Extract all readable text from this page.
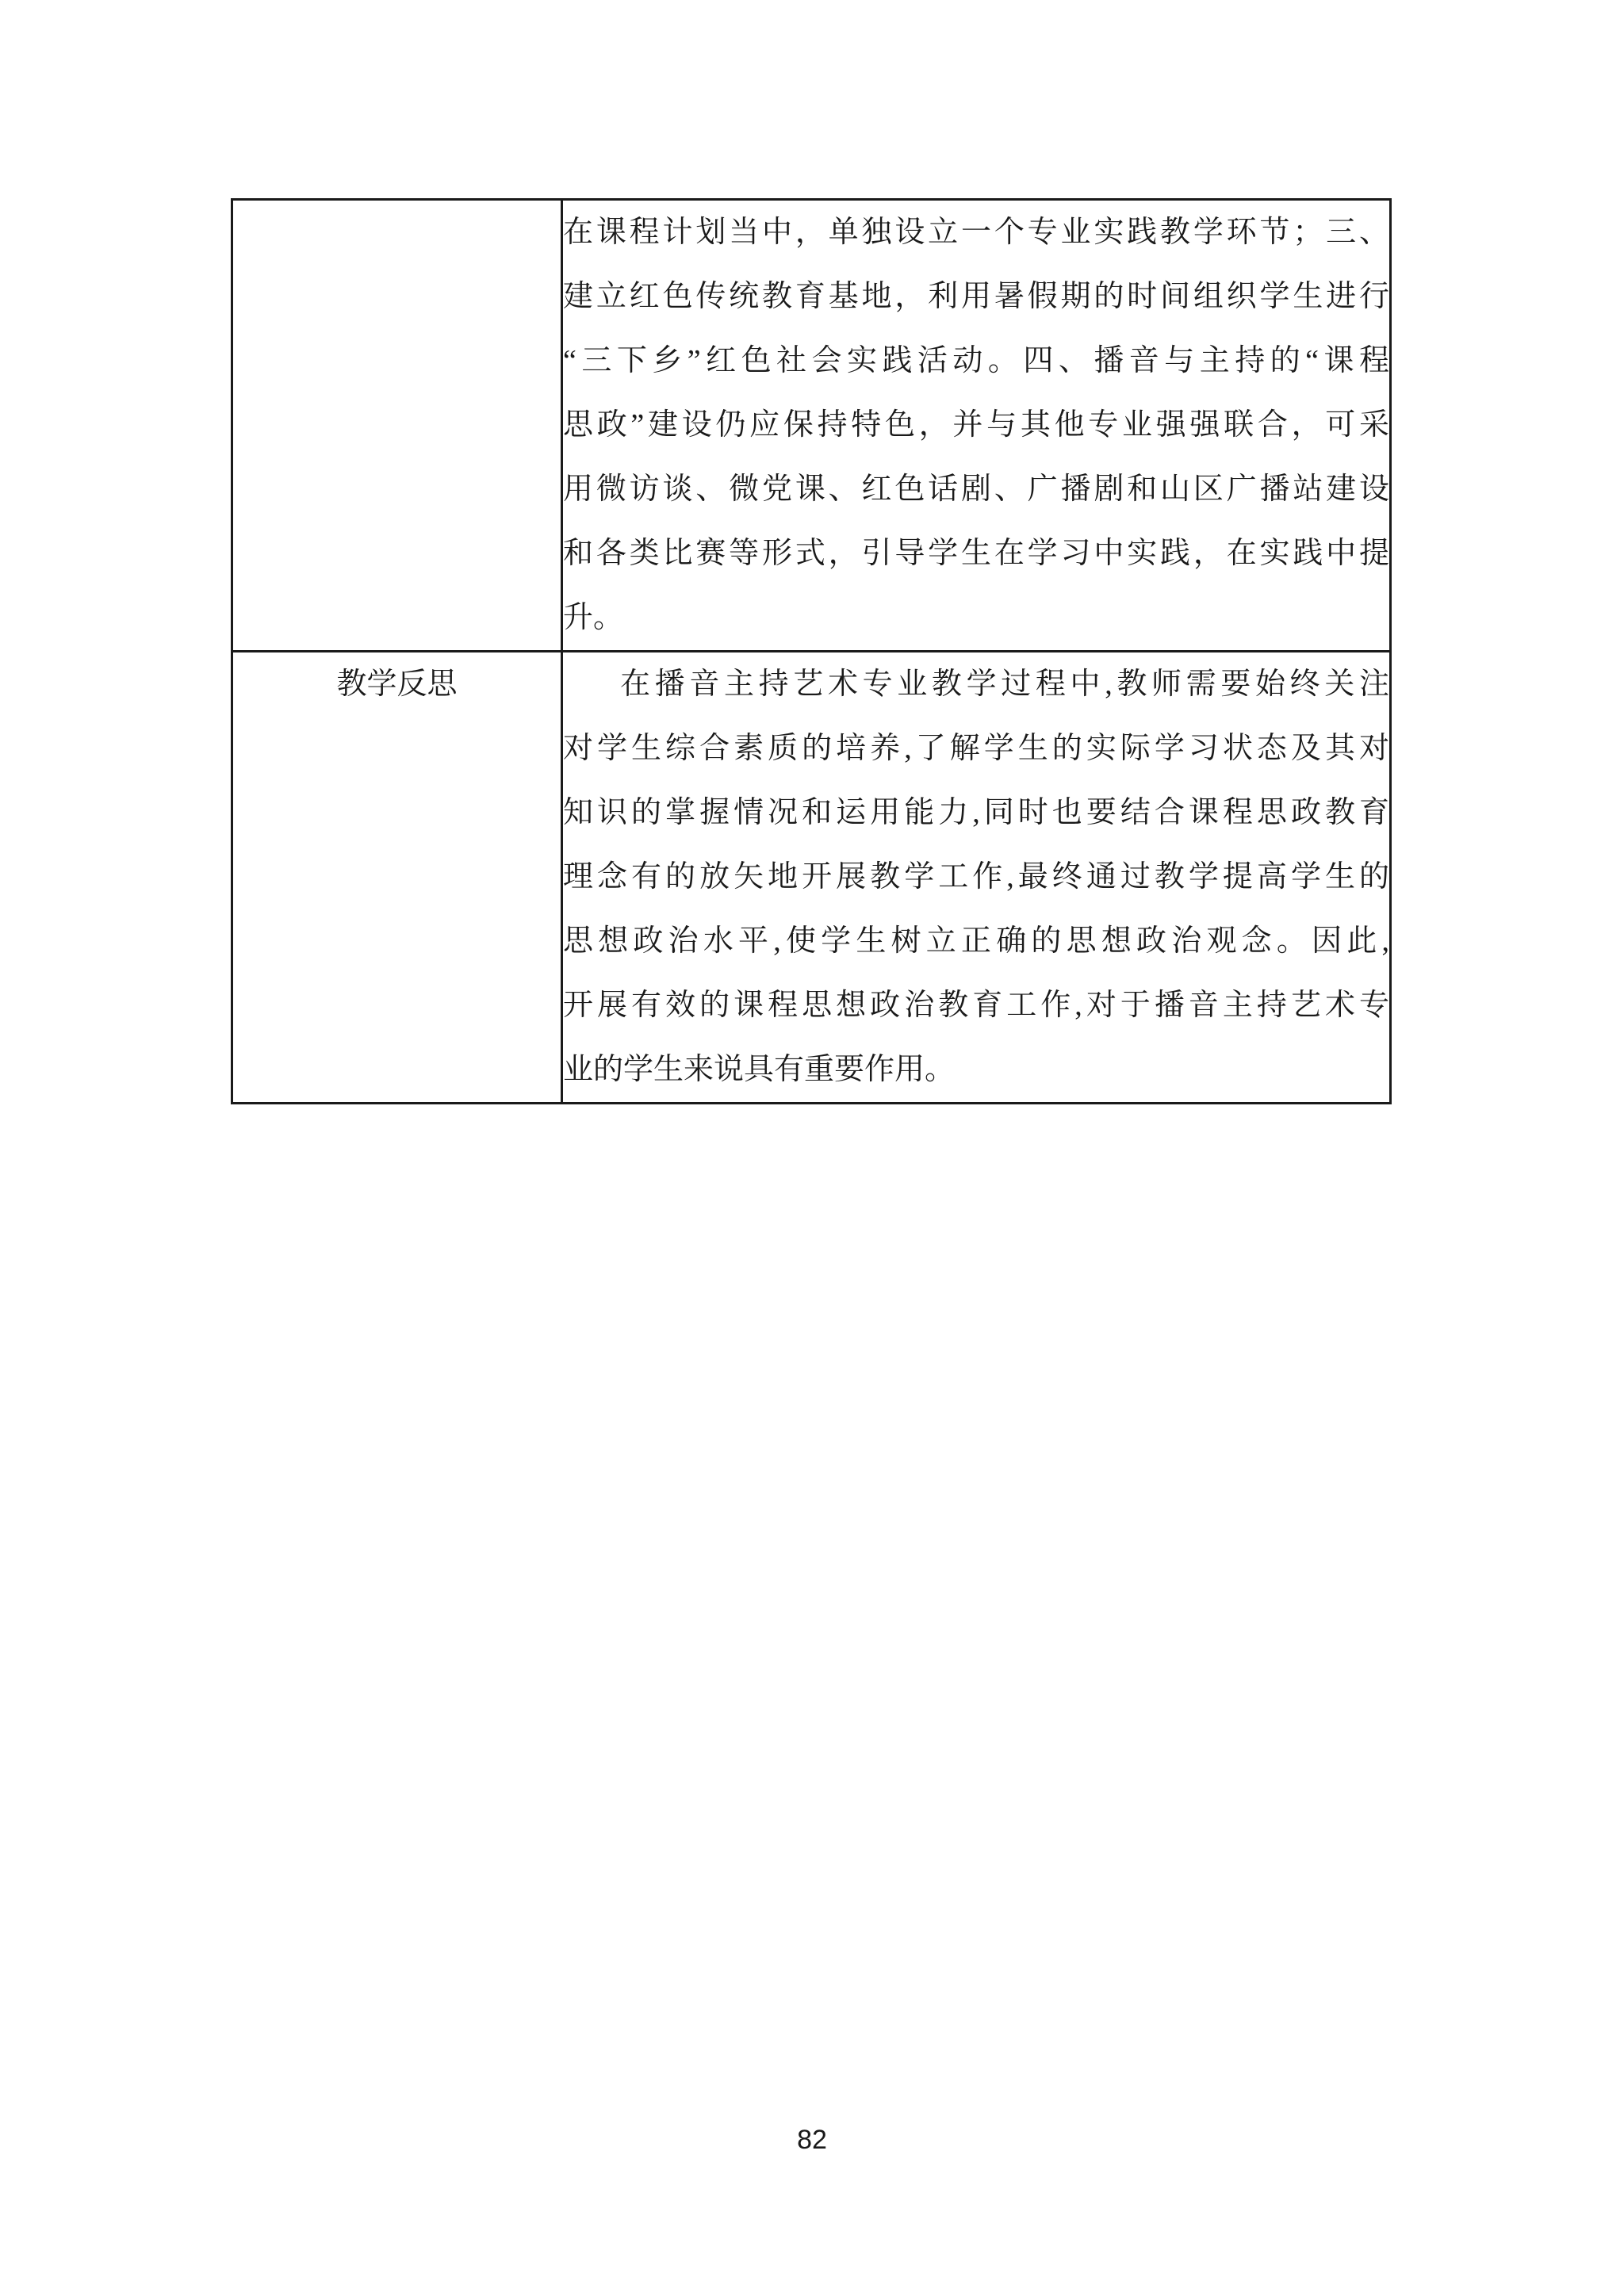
在课程计划当中，单独设立一个专业实践教学环节；三、
建立红色传统教育基地，利用暑假期的时间组织学生进行
“三下乡”红色社会实践活动。四、播音与主持的“课程
思政”建设仍应保持特色，并与其他专业强强联合，可采
用微访谈、微党课、红色话剧、广播剧和山区广播站建设
和各类比赛等形式，引导学生在学习中实践，在实践中提
升。

教学反思	在播音主持艺术专业教学过程中,教师需要始终关注
对学生综合素质的培养,了解学生的实际学习状态及其对
知识的掌握情况和运用能力,同时也要结合课程思政教育
理念有的放矢地开展教学工作,最终通过教学提高学生的
思想政治水平,使学生树立正确的思想政治观念。因此,
开展有效的课程思想政治教育工作,对于播音主持艺术专
业的学生来说具有重要作用。
82
